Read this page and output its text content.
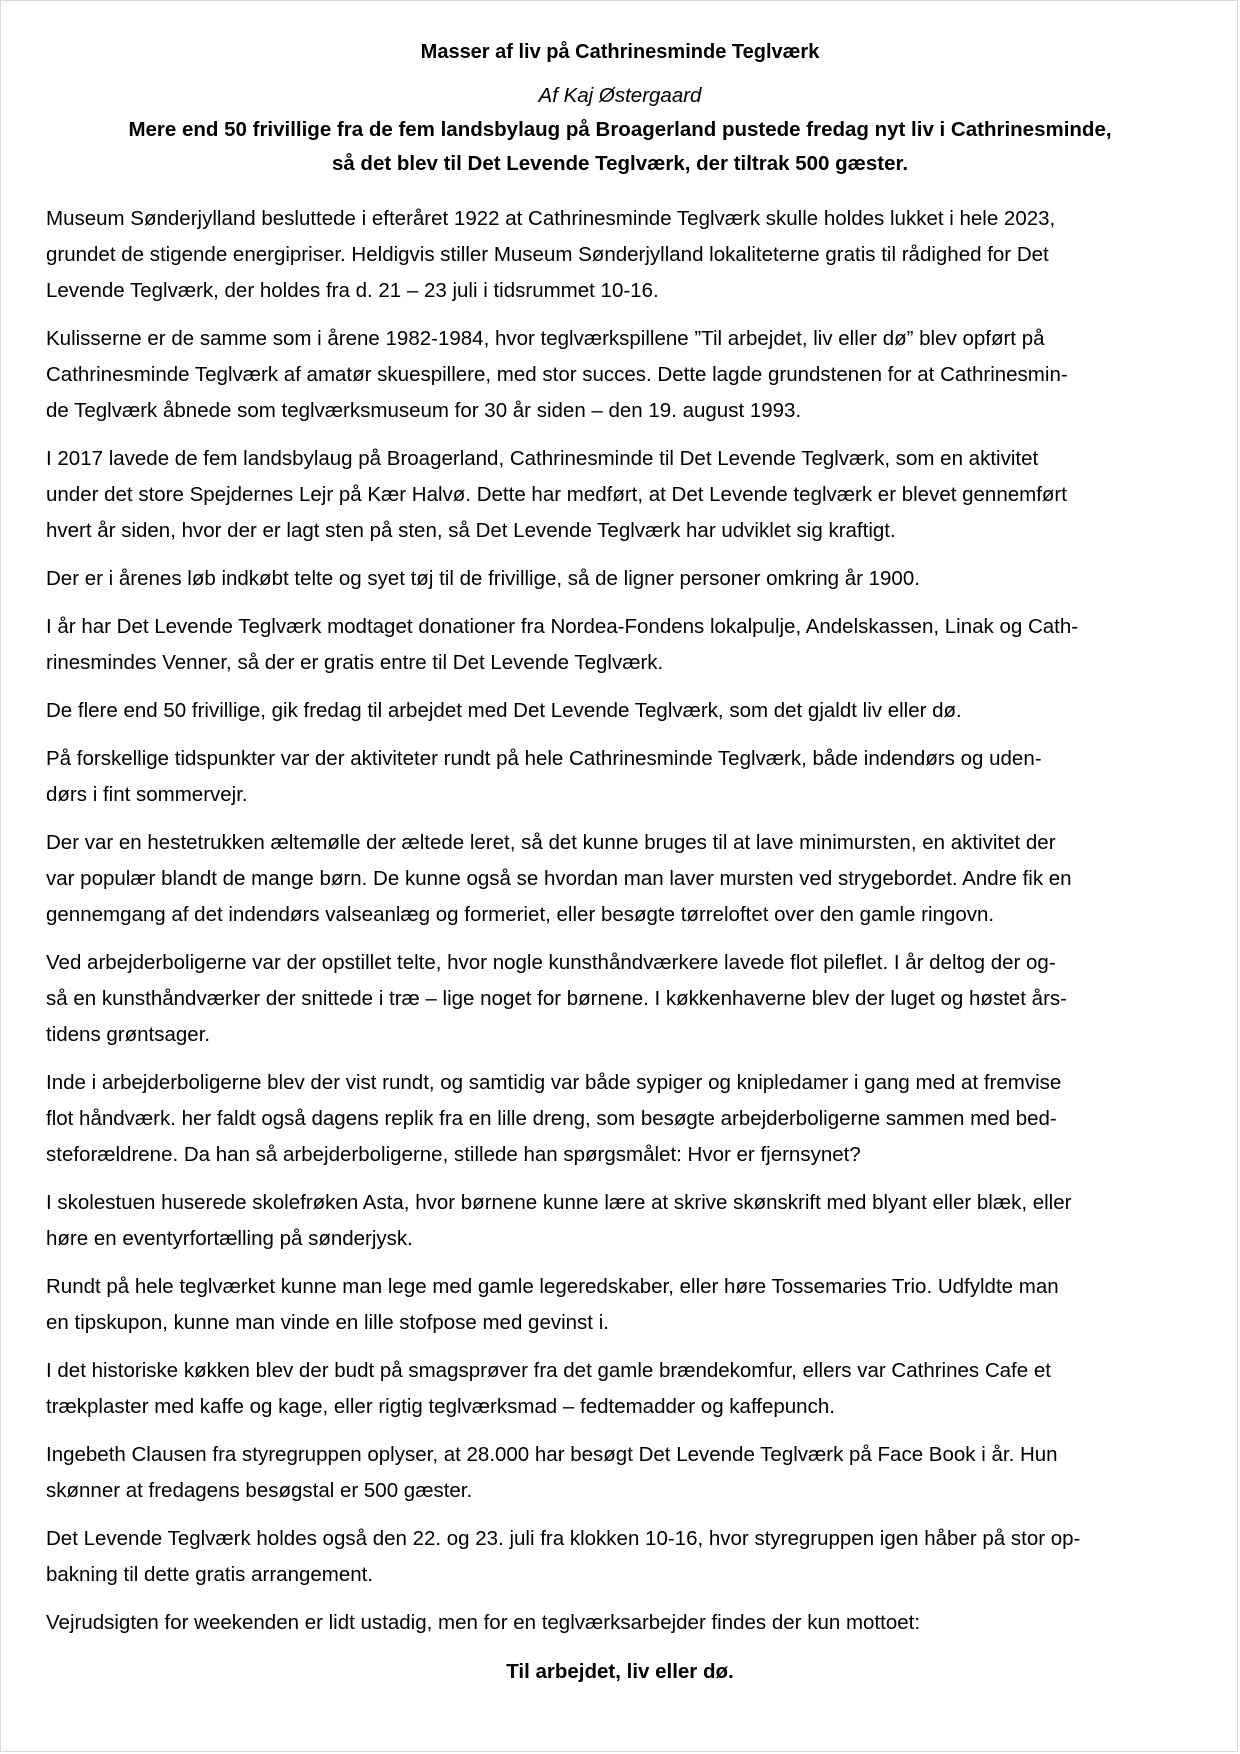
Masser af liv på Cathrinesminde Teglværk
Af Kaj Østergaard
Mere end 50 frivillige fra de fem landsbylaug på Broagerland pustede fredag nyt liv i Cathrinesminde,
så det blev til Det Levende Teglværk, der tiltrak 500 gæster.
Museum Sønderjylland besluttede i efteråret 1922 at Cathrinesminde Teglværk skulle holdes lukket i hele 2023,
grundet de stigende energipriser. Heldigvis stiller Museum Sønderjylland lokaliteterne gratis til rådighed for Det
Levende Teglværk, der holdes fra d. 21 – 23 juli i tidsrummet 10-16.
Kulisserne er de samme som i årene 1982-1984, hvor teglværkspillene ”Til arbejdet, liv eller dø” blev opført på
Cathrinesminde Teglværk af amatør skuespillere, med stor succes. Dette lagde grundstenen for at Cathrinesmin-
de Teglværk åbnede som teglværksmuseum for 30 år siden – den 19. august 1993.
I 2017 lavede de fem landsbylaug på Broagerland, Cathrinesminde til Det Levende Teglværk, som en aktivitet
under det store Spejdernes Lejr på Kær Halvø. Dette har medført, at Det Levende teglværk er blevet gennemført
hvert år siden, hvor der er lagt sten på sten, så Det Levende Teglværk har udviklet sig kraftigt.
Der er i årenes løb indkøbt telte og syet tøj til de frivillige, så de ligner personer omkring år 1900.
I år har Det Levende Teglværk modtaget donationer fra Nordea-Fondens lokalpulje, Andelskassen, Linak og Cath-
rinesmindes Venner, så der er gratis entre til Det Levende Teglværk.
De flere end 50 frivillige, gik fredag til arbejdet med Det Levende Teglværk, som det gjaldt liv eller dø.
På forskellige tidspunkter var der aktiviteter rundt på hele Cathrinesminde Teglværk, både indendørs og uden-
dørs i fint sommervejr.
Der var en hestetrukken æltemølle der æltede leret, så det kunne bruges til at lave minimursten, en aktivitet der
var populær blandt de mange børn. De kunne også se hvordan man laver mursten ved strygebordet. Andre fik en
gennemgang af det indendørs valseanlæg og formeriet, eller besøgte tørreloftet over den gamle ringovn.
Ved arbejderboligerne var der opstillet telte, hvor nogle kunsthåndværkere lavede flot pileflet. I år deltog der og-
så en kunsthåndværker der snittede i træ – lige noget for børnene. I køkkenhaverne blev der luget og høstet års-
tidens grøntsager.
Inde i arbejderboligerne blev der vist rundt, og samtidig var både sypiger og knipledamer i gang med at fremvise
flot håndværk. her faldt også dagens replik fra en lille dreng, som besøgte arbejderboligerne sammen med bed-
steforældrene. Da han så arbejderboligerne, stillede han spørgsmålet: Hvor er fjernsynet?
I skolestuen huserede skolefrøken Asta, hvor børnene kunne lære at skrive skønskrift med blyant eller blæk, eller
høre en eventyrfortælling på sønderjysk.
Rundt på hele teglværket kunne man lege med gamle legeredskaber, eller høre Tossemaries Trio. Udfyldte man
en tipskupon, kunne man vinde en lille stofpose med gevinst i.
I det historiske køkken blev der budt på smagsprøver fra det gamle brændekomfur, ellers var Cathrines Cafe et
trækplaster med kaffe og kage, eller rigtig teglværksmad – fedtemadder og kaffepunch.
Ingebeth Clausen fra styregruppen oplyser, at 28.000 har besøgt Det Levende Teglværk på Face Book i år. Hun
skønner at fredagens besøgstal er 500 gæster.
Det Levende Teglværk holdes også den 22. og 23. juli fra klokken 10-16, hvor styregruppen igen håber på stor op-
bakning til dette gratis arrangement.
Vejrudsigten for weekenden er lidt ustadig, men for en teglværksarbejder findes der kun mottoet:
Til arbejdet, liv eller dø.
